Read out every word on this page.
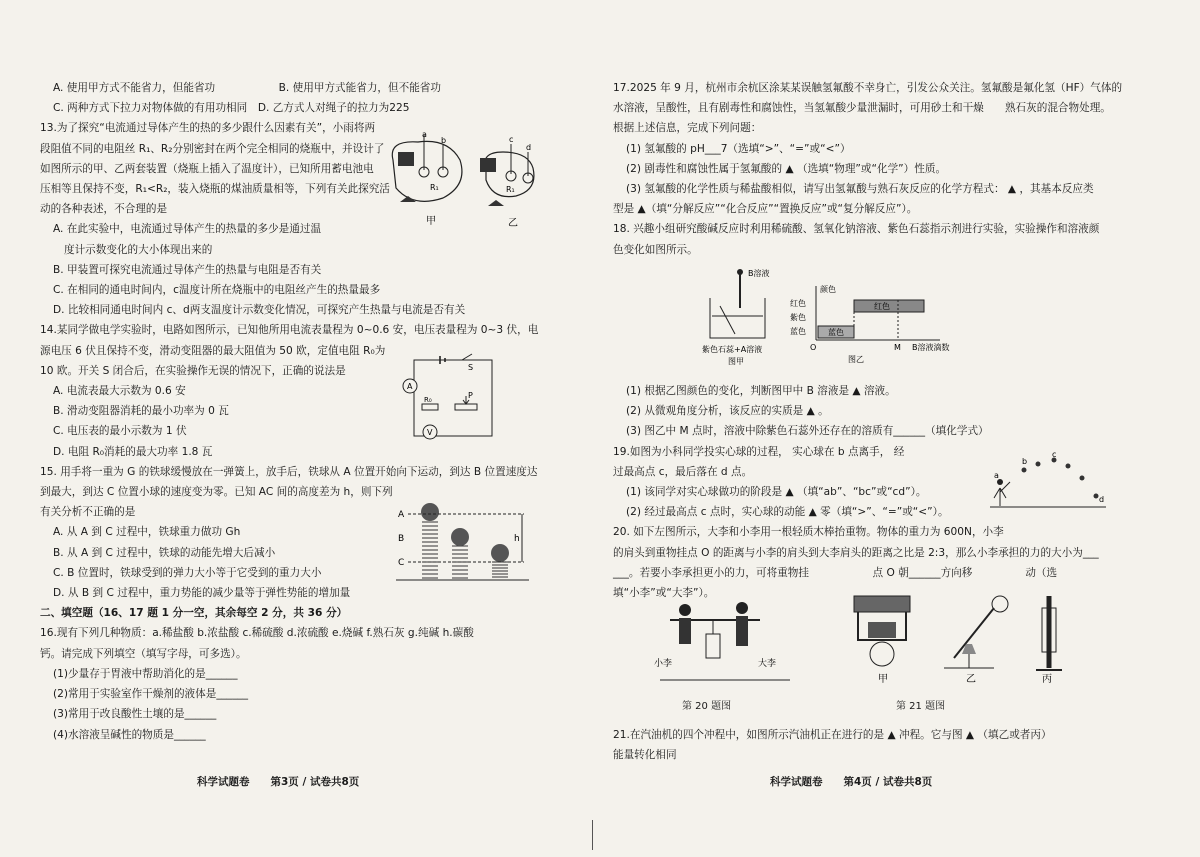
A. 使用甲方式不能省力，但能省功　　　　　　B. 使用甲方式能省力，但不能省功
C. 两种方式下拉力对物体做的有用功相同　D. 乙方式人对绳子的拉力为225
13.为了探究“电流通过导体产生的热的多少跟什么因素有关”，小雨将两
段阻值不同的电阻丝 R₁、R₂分别密封在两个完全相同的烧瓶中，并设计了
如图所示的甲、乙两套装置（烧瓶上插入了温度计），已知所用蓄电池电
压相等且保持不变，R₁<R₂，装入烧瓶的煤油质量相等，下列有关此探究活
动的各种表述，不合理的是
A. 在此实验中，电流通过导体产生的热量的多少是通过温
度计示数变化的大小体现出来的
B. 甲装置可探究电流通过导体产生的热量与电阻是否有关
C. 在相同的通电时间内，c温度计所在烧瓶中的电阻丝产生的热量最多
D. 比较相同通电时间内 c、d两支温度计示数变化情况，可探究产生热量与电流是否有关
14.某同学做电学实验时，电路如图所示，已知他所用电流表量程为 0~0.6 安，电压表量程为 0~3 伏，电
源电压 6 伏且保持不变，滑动变阻器的最大阻值为 50 欧，定值电阻 R₀为
10 欧。开关 S 闭合后，在实验操作无误的情况下，正确的说法是
A. 电流表最大示数为 0.6 安
B. 滑动变阻器消耗的最小功率为 0 瓦
C. 电压表的最小示数为 1 伏
D. 电阻 R₀消耗的最大功率 1.8 瓦
15. 用手将一重为 G 的铁球缓慢放在一弹簧上，放手后，铁球从 A 位置开始向下运动，到达 B 位置速度达
到最大，到达 C 位置小球的速度变为零。已知 AC 间的高度差为 h，则下列
有关分析不正确的是
A. 从 A 到 C 过程中，铁球重力做功 Gh
B. 从 A 到 C 过程中，铁球的动能先增大后减小
C. B 位置时，铁球受到的弹力大小等于它受到的重力大小
D. 从 B 到 C 过程中，重力势能的减少量等于弹性势能的增加量
二、填空题（16、17 题 1 分一空，其余每空 2 分，共 36 分）
16.现有下列几种物质：a.稀盐酸 b.浓盐酸 c.稀硫酸 d.浓硫酸 e.烧碱 f.熟石灰 g.纯碱 h.碳酸
钙。请完成下列填空（填写字母，可多选）。
(1)少量存于胃液中帮助消化的是______
(2)常用于实验室作干燥剂的液体是______
(3)常用于改良酸性土壤的是______
(4)水溶液呈碱性的物质是______
17.2025 年 9 月，杭州市余杭区涂某某误触氢氟酸不幸身亡，引发公众关注。氢氟酸是氟化氢（HF）气体的
水溶液，呈酸性，且有剧毒性和腐蚀性，当氢氟酸少量泄漏时，可用砂土和干燥　　熟石灰的混合物处理。
根据上述信息，完成下列问题：
(1) 氢氟酸的 pH___7（选填“>”、“=”或“<”）
(2) 剧毒性和腐蚀性属于氢氟酸的 ▲ （选填“物理”或“化学”）性质。
(3) 氢氟酸的化学性质与稀盐酸相似，请写出氢氟酸与熟石灰反应的化学方程式： ▲ ，其基本反应类
型是 ▲（填“分解反应”“化合反应”“置换反应”或“复分解反应”）。
18. 兴趣小组研究酸碱反应时利用稀硫酸、氢氧化钠溶液、紫色石蕊指示剂进行实验，实验操作和溶液颜
色变化如图所示。

(1) 根据乙图颜色的变化，判断图甲中 B 溶液是 ▲ 溶液。
(2) 从微观角度分析，该反应的实质是 ▲ 。
(3) 图乙中 M 点时，溶液中除紫色石蕊外还存在的溶质有______（填化学式）
19.如图为小科同学投实心球的过程， 实心球在 b 点离手， 经
过最高点 c，最后落在 d 点。
(1) 该同学对实心球做功的阶段是 ▲ （填“ab”、“bc”或“cd”）。
(2) 经过最高点 c 点时，实心球的动能 ▲ 零（填“>”、“=”或“<”）。
20. 如下左图所示，大李和小李用一根轻质木棒抬重物。物体的重力为 600N，小李
的肩头到重物挂点 O 的距离与小李的肩头到大李肩头的距离之比是 2:3，那么小李承担的力的大小为___
___。若要小李承担更小的力，可将重物挂　　　　　　点 O 朝______方向移　　　　　动（选
填“小李”或“大李”）。

21.在汽油机的四个冲程中，如图所示汽油机正在进行的是 ▲ 冲程。它与图 ▲ （填乙或者丙）
能量转化相同
科学试题卷　　第3页 / 试卷共8页	科学试题卷　　第4页 / 试卷共8页
a
b	c
d
R₁	R₁
甲	乙
A
V
S
P
R₀
A
B
C
h
B溶液
紫色石蕊+A溶液
图甲
颜色
红色
紫色
蓝色	蓝色
红色
O	M B溶液滴数
图乙
a
b
c
d
小李	大李
第 20 题图
甲	乙	丙
第 21 题图
